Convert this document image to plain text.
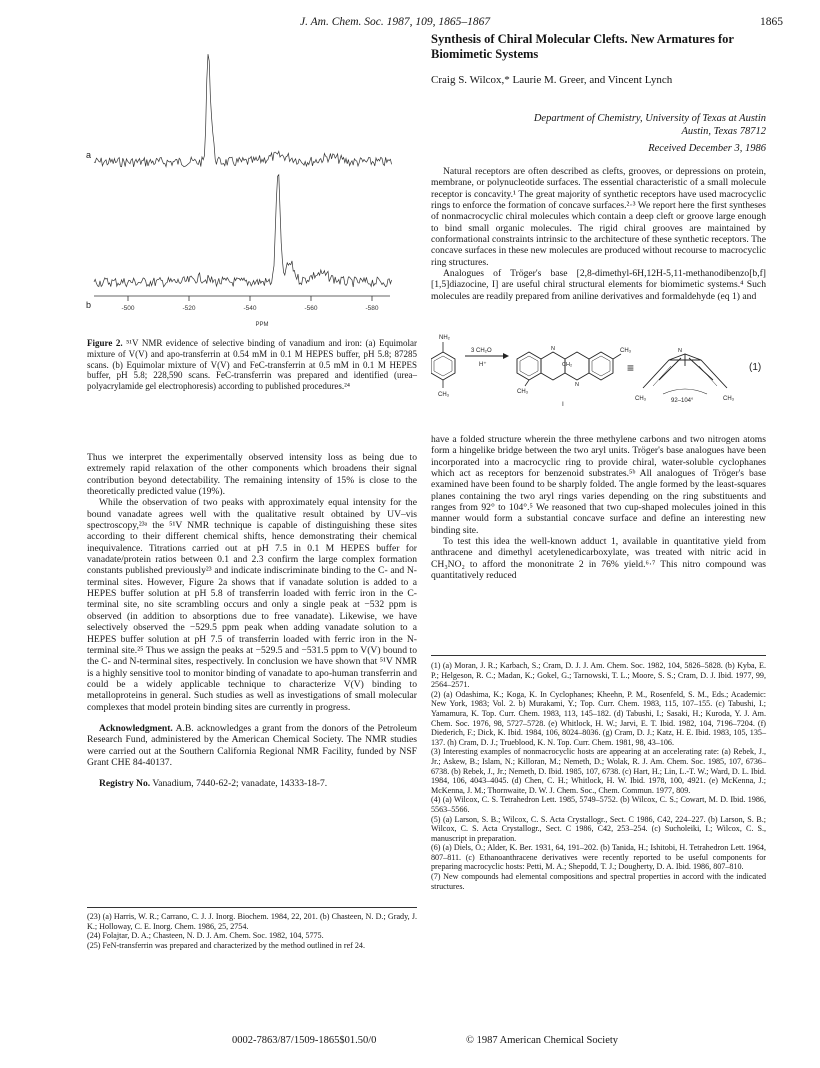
J. Am. Chem. Soc. 1987, 109, 1865–1867	1865
a
b	-500	-520	-540	-560	-580
PPM
Figure 2. ⁵¹V NMR evidence of selective binding of vanadium and iron: (a) Equimolar mixture of V(V) and apo-transferrin at 0.54 mM in 0.1 M HEPES buffer, pH 5.8; 87285 scans. (b) Equimolar mixture of V(V) and FeC-transferrin at 0.5 mM in 0.1 M HEPES buffer, pH 5.8; 228,590 scans. FeC-transferrin was prepared and identified (urea–polyacrylamide gel electrophoresis) according to published procedures.²⁴

Thus we interpret the experimentally observed intensity loss as being due to extremely rapid relaxation of the other components which broadens their signal contribution beyond detectability. The remaining intensity of 15% is close to the theoretically predicted value (19%).

While the observation of two peaks with approximately equal intensity for the bound vanadate agrees well with the qualitative result obtained by UV–vis spectroscopy,²³ᵃ the ⁵¹V NMR technique is capable of distinguishing these sites according to their different chemical shifts, hence demonstrating their chemical inequivalence. Titrations carried out at pH 7.5 in 0.1 M HEPES buffer for vanadate/protein ratios between 0.1 and 2.3 confirm the large complex formation constants published previously²³ and indicate indiscriminate binding to the C- and N-terminal sites. However, Figure 2a shows that if vanadate solution is added to a HEPES buffer solution at pH 5.8 of transferrin loaded with ferric iron in the C-terminal site, no site scrambling occurs and only a single peak at −532 ppm is observed (in addition to absorptions due to free vanadate). Likewise, we have selectively observed the −529.5 ppm peak when adding vanadate solution to a HEPES buffer solution at pH 7.5 of transferrin loaded with ferric iron in the N-terminal site.²⁵ Thus we assign the peaks at −529.5 and −531.5 ppm to V(V) bound to the C- and N-terminal sites, respectively. In conclusion we have shown that ⁵¹V NMR is a highly sensitive tool to monitor binding of vanadate to apo-human transferrin and could be a widely applicable technique to characterize V(V) binding to metalloproteins in general. Such studies as well as investigations of small molecular complexes that model protein binding sites are currently in progress.

Acknowledgment. A.B. acknowledges a grant from the donors of the Petroleum Research Fund, administered by the American Chemical Society. The NMR studies were carried out at the Southern California Regional NMR Facility, funded by NSF Grant CHE 84-40137.

Registry No. Vanadium, 7440-62-2; vanadate, 14333-18-7.

(23) (a) Harris, W. R.; Carrano, C. J. J. Inorg. Biochem. 1984, 22, 201. (b) Chasteen, N. D.; Grady, J. K.; Holloway, C. E. Inorg. Chem. 1986, 25, 2754.

(24) Folajtar, D. A.; Chasteen, N. D. J. Am. Chem. Soc. 1982, 104, 5775.

(25) FeN-transferrin was prepared and characterized by the method outlined in ref 24.

Synthesis of Chiral Molecular Clefts. New Armatures for Biomimetic Systems
Craig S. Wilcox,* Laurie M. Greer, and Vincent Lynch
Department of Chemistry, University of Texas at Austin
Austin, Texas 78712
Received December 3, 1986

Natural receptors are often described as clefts, grooves, or depressions on protein, membrane, or polynucleotide surfaces. The essential characteristic of a small molecule receptor is concavity.¹ The great majority of synthetic receptors have used macrocyclic rings to enforce the formation of concave surfaces.²·³ We report here the first syntheses of nonmacrocyclic chiral molecules which contain a deep cleft or groove large enough to bind small organic molecules. The rigid chiral grooves are maintained by conformational constraints intrinsic to the architecture of these synthetic receptors. The concave surfaces in these new molecules are produced without recourse to macrocyclic ring structures.

Analogues of Tröger's base [2,8-dimethyl-6H,12H-5,11-methanodibenzo[b,f][1,5]diazocine, I] are useful chiral structural elements for biomimetic systems.⁴ Such molecules are readily prepared from aniline derivatives and formaldehyde (eq 1) and

NH₂
CH₃
3 CH₂O
H⁺
N
CH₂
N
CH₃
CH₃
I
≡
N
CH₃	CH₃
92–104°
(1)

have a folded structure wherein the three methylene carbons and two nitrogen atoms form a hingelike bridge between the two aryl units. Tröger's base analogues have been incorporated into a macrocyclic ring to provide chiral, water-soluble cyclophanes which act as receptors for benzenoid substrates.⁵ᵇ All analogues of Tröger's base examined have been found to be sharply folded. The angle formed by the least-squares planes containing the two aryl rings varies depending on the ring substituents and ranges from 92° to 104°.⁵ We reasoned that two cup-shaped molecules joined in this manner would form a substantial concave surface and define an interesting new binding site.

To test this idea the well-known adduct 1, available in quantitative yield from anthracene and dimethyl acetylenedicarboxylate, was treated with nitric acid in CH₃NO₂ to afford the mononitrate 2 in 76% yield.⁶·⁷ This nitro compound was quantitatively reduced

(1) (a) Moran, J. R.; Karbach, S.; Cram, D. J. J. Am. Chem. Soc. 1982, 104, 5826–5828. (b) Kyba, E. P.; Helgeson, R. C.; Madan, K.; Gokel, G.; Tarnowski, T. L.; Moore, S. S.; Cram, D. J. Ibid. 1977, 99, 2564–2571.

(2) (a) Odashima, K.; Koga, K. In Cyclophanes; Kheehn, P. M., Rosenfeld, S. M., Eds.; Academic: New York, 1983; Vol. 2. b) Murakami, Y.; Top. Curr. Chem. 1983, 115, 107–155. (c) Tabushi, I.; Yamamura, K. Top. Curr. Chem. 1983, 113, 145–182. (d) Tabushi, I.; Sasaki, H.; Kuroda, Y. J. Am. Chem. Soc. 1976, 98, 5727–5728. (e) Whitlock, H. W.; Jarvi, E. T. Ibid. 1982, 104, 7196–7204. (f) Diederich, F.; Dick, K. Ibid. 1984, 106, 8024–8036. (g) Cram, D. J.; Katz, H. E. Ibid. 1983, 105, 135–137. (h) Cram, D. J.; Trueblood, K. N. Top. Curr. Chem. 1981, 98, 43–106.

(3) Interesting examples of nonmacrocyclic hosts are appearing at an accelerating rate: (a) Rebek, J., Jr.; Askew, B.; Islam, N.; Killoran, M.; Nemeth, D.; Wolak, R. J. Am. Chem. Soc. 1985, 107, 6736–6738. (b) Rebek, J., Jr.; Nemeth, D. Ibid. 1985, 107, 6738. (c) Hart, H.; Lin, L.-T. W.; Ward, D. L. Ibid. 1984, 106, 4043–4045. (d) Chen, C. H.; Whitlock, H. W. Ibid. 1978, 100, 4921. (e) McKenna, J.; McKenna, J. M.; Thornwaite, D. W. J. Chem. Soc., Chem. Commun. 1977, 809.

(4) (a) Wilcox, C. S. Tetrahedron Lett. 1985, 5749–5752. (b) Wilcox, C. S.; Cowart, M. D. Ibid. 1986, 5563–5566.

(5) (a) Larson, S. B.; Wilcox, C. S. Acta Crystallogr., Sect. C 1986, C42, 224–227. (b) Larson, S. B.; Wilcox, C. S. Acta Crystallogr., Sect. C 1986, C42, 253–254. (c) Sucholeiki, I.; Wilcox, C. S., manuscript in preparation.

(6) (a) Diels, O.; Alder, K. Ber. 1931, 64, 191–202. (b) Tanida, H.; Ishitobi, H. Tetrahedron Lett. 1964, 807–811. (c) Ethanoanthracene derivatives were recently reported to be useful components for preparing macrocyclic hosts: Petti, M. A.; Shepodd, T. J.; Dougherty, D. A. Ibid. 1986, 807–810.

(7) New compounds had elemental compositions and spectral properties in accord with the indicated structures.

0002-7863/87/1509-1865$01.50/0	© 1987 American Chemical Society
